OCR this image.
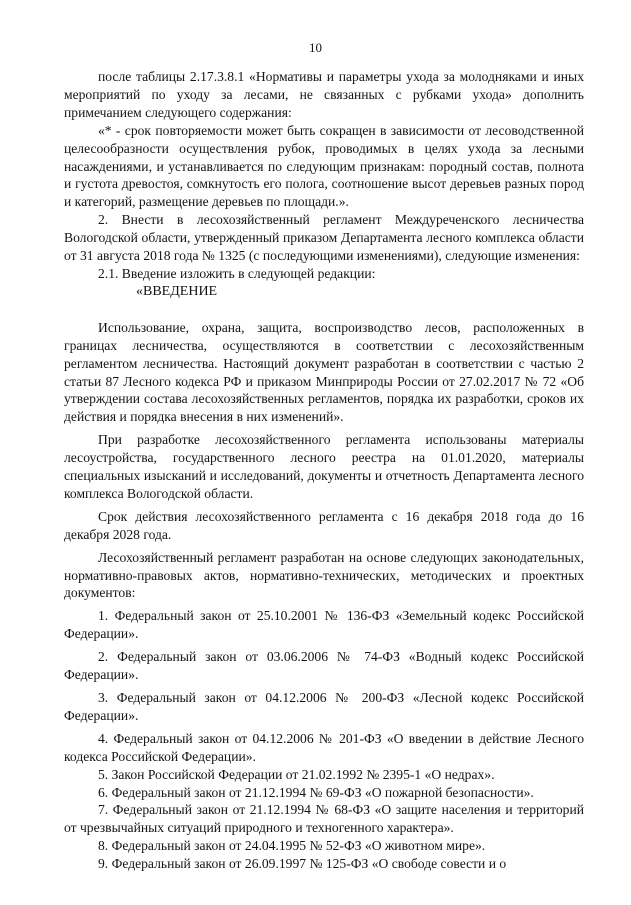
10

после таблицы 2.17.3.8.1 «Нормативы и параметры ухода за молодняками и иных мероприятий по уходу за лесами, не связанных с рубками ухода» дополнить примечанием следующего содержания:

«* - срок повторяемости может быть сокращен в зависимости от лесоводственной целесообразности осуществления рубок, проводимых в целях ухода за лесными насаждениями, и устанавливается по следующим признакам: породный состав, полнота и густота древостоя, сомкнутость его полога, соотношение высот деревьев разных пород и категорий, размещение деревьев по площади.».

2. Внести в лесохозяйственный регламент Междуреченского лесничества Вологодской области, утвержденный приказом Департамента лесного комплекса области от 31 августа 2018 года № 1325 (с последующими изменениями), следующие изменения:

2.1. Введение изложить в следующей редакции:

«ВВЕДЕНИЕ

Использование, охрана, защита, воспроизводство лесов, расположенных в границах лесничества, осуществляются в соответствии с лесохозяйственным регламентом лесничества. Настоящий документ разработан в соответствии с частью 2 статьи 87 Лесного кодекса РФ и приказом Минприроды России от 27.02.2017 № 72 «Об утверждении состава лесохозяйственных регламентов, порядка их разработки, сроков их действия и порядка внесения в них изменений».

При разработке лесохозяйственного регламента использованы материалы лесоустройства, государственного лесного реестра на 01.01.2020, материалы специальных изысканий и исследований, документы и отчетность Департамента лесного комплекса Вологодской области.

Срок действия лесохозяйственного регламента с 16 декабря 2018 года до 16 декабря 2028 года.

Лесохозяйственный регламент разработан на основе следующих законодательных, нормативно-правовых актов, нормативно-технических, методических и проектных документов:

1. Федеральный закон от 25.10.2001 № 136-ФЗ «Земельный кодекс Российской Федерации».

2. Федеральный закон от 03.06.2006 № 74-ФЗ «Водный кодекс Российской Федерации».

3. Федеральный закон от 04.12.2006 № 200-ФЗ «Лесной кодекс Российской Федерации».

4. Федеральный закон от 04.12.2006 № 201-ФЗ «О введении в действие Лесного кодекса Российской Федерации».

5. Закон Российской Федерации от 21.02.1992 № 2395-1 «О недрах».

6. Федеральный закон от 21.12.1994 № 69-ФЗ «О пожарной безопасности».

7. Федеральный закон от 21.12.1994 № 68-ФЗ «О защите населения и территорий от чрезвычайных ситуаций природного и техногенного характера».

8. Федеральный закон от 24.04.1995 № 52-ФЗ «О животном мире».

9. Федеральный закон от 26.09.1997 № 125-ФЗ «О свободе совести и о
